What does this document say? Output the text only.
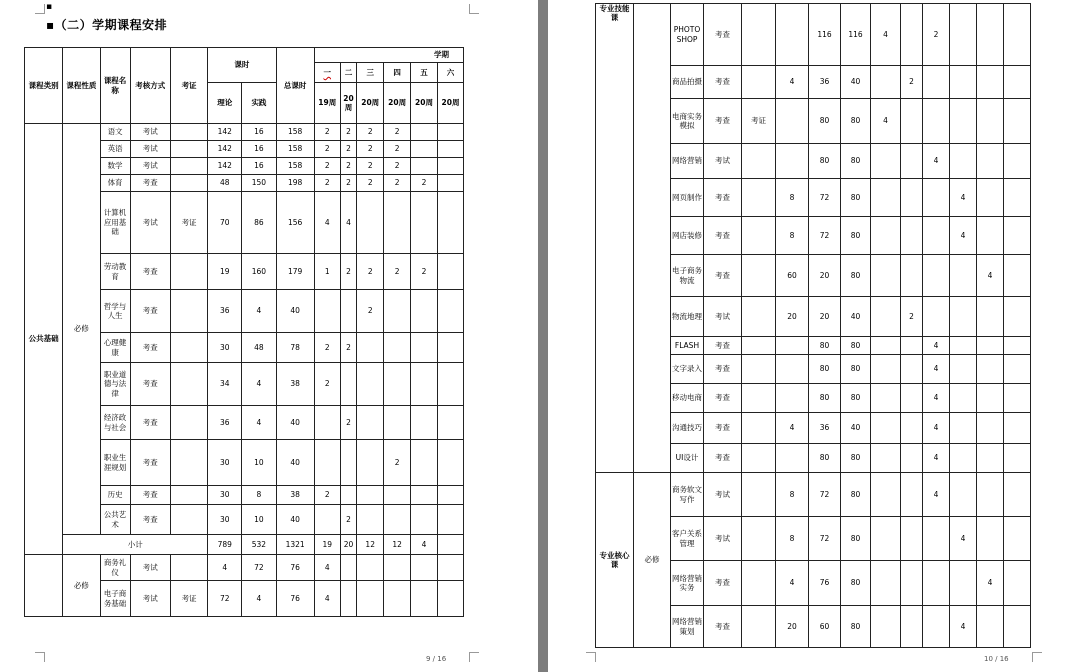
▪
▪（二）学期课程安排
课程类别	课程性质	课程名称	考核方式	考证	课时		总课时	学期					
								一	二	三	四	五	六
					理论	实践		19周	20周	20周	20周	20周	20周
公共基础	必修	语文	考试		142	16	158	2	2	2	2		
		英语	考试		142	16	158	2	2	2	2		
		数学	考试		142	16	158	2	2	2	2		
		体育	考查		48	150	198	2	2	2	2	2	
		计算机应用基础	考试	考证	70	86	156	4	4				
		劳动教育	考查		19	160	179	1	2	2	2	2	
		哲学与人生	考查		36	4	40			2			
		心理健康	考查		30	48	78	2	2				
		职业道德与法律	考查		34	4	38	2					
		经济政与社会	考查		36	4	40		2				
		职业生涯规划	考查		30	10	40				2		
		历史	考查		30	8	38	2					
		公共艺术	考查		30	10	40		2				
	小计				789	532	1321	19	20	12	12	4	
	必修	商务礼仪	考试		4	72	76	4					
		电子商务基础	考试	考证	72	4	76	4					
9 / 16
专业技能课		PHOTOSHOP	考查			116	116	4		2			
		商品拍摄	考查		4	36	40		2				
		电商实务模拟	考查	考证		80	80	4					
		网络营销	考试			80	80			4			
		网页制作	考查		8	72	80				4		
		网店装修	考查		8	72	80				4		
		电子商务物流	考查		60	20	80					4	
		物流地理	考试		20	20	40		2				
		FLASH	考查			80	80			4			
		文字录入	考查			80	80			4			
		移动电商	考查			80	80			4			
		沟通技巧	考查		4	36	40			4			
		UI设计	考查			80	80			4			
专业核心课	必修	商务软文写作	考试		8	72	80			4			
		客户关系管理	考试		8	72	80				4		
		网络营销实务	考查		4	76	80					4	
		网络营销策划	考查		20	60	80				4		
10 / 16
